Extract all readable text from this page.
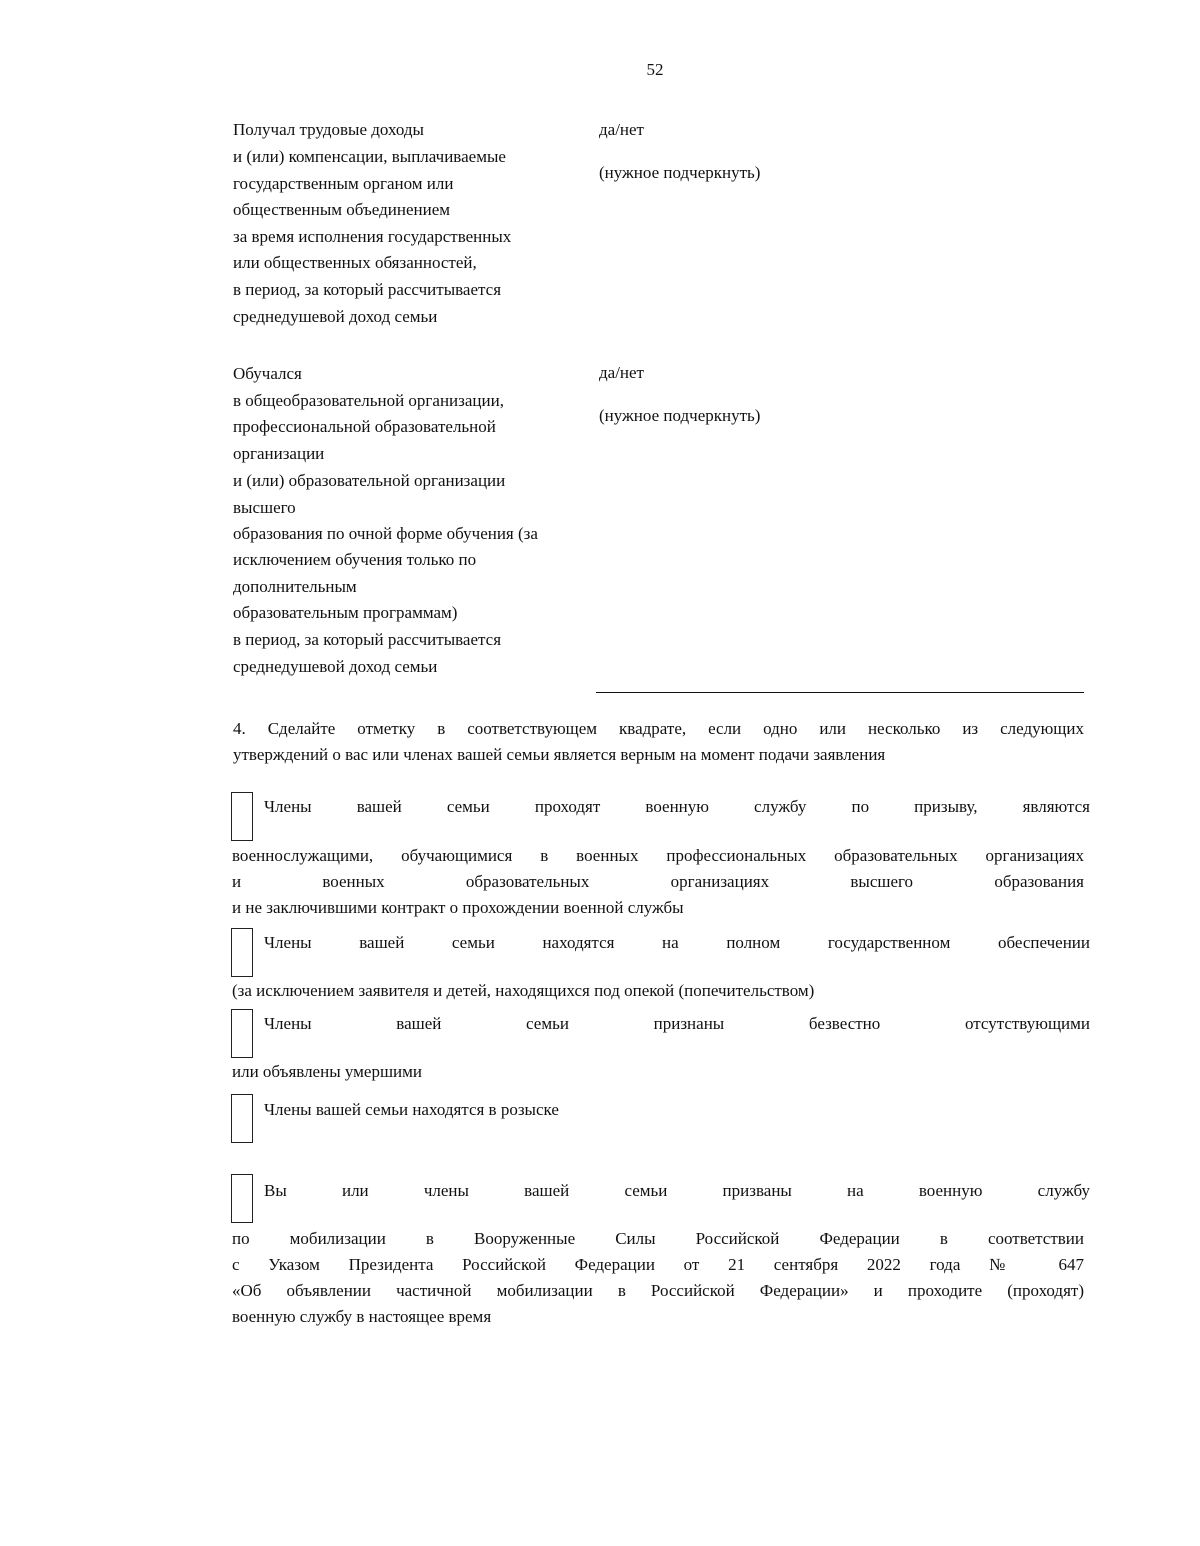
52
Получал трудовые доходы
и (или) компенсации, выплачиваемые
государственным органом или
общественным объединением
за время исполнения государственных
или общественных обязанностей,
в период, за который рассчитывается
среднедушевой доход семьи
да/нет
(нужное подчеркнуть)
Обучался
в общеобразовательной организации,
профессиональной образовательной
организации
и (или) образовательной организации
высшего
образования по очной форме обучения (за
исключением обучения только по
дополнительным
образовательным программам)
в период, за который рассчитывается
среднедушевой доход семьи
да/нет
(нужное подчеркнуть)
4. Сделайте отметку в соответствующем квадрате, если одно или несколько из следующих
утверждений о вас или членах вашей семьи является верным на момент подачи заявления
Члены вашей семьи проходят военную службу по призыву, являются
военнослужащими, обучающимися в военных профессиональных образовательных организациях
и военных образовательных организациях высшего образования
и не заключившими контракт о прохождении военной службы
Члены вашей семьи находятся на полном государственном обеспечении
(за исключением заявителя и детей, находящихся под опекой (попечительством)
Члены вашей семьи признаны безвестно отсутствующими
или объявлены умершими
Члены вашей семьи находятся в розыске
Вы или члены вашей семьи призваны на военную службу
по мобилизации в Вооруженные Силы Российской Федерации в соответствии
с Указом Президента Российской Федерации от 21 сентября 2022 года № 647
«Об объявлении частичной мобилизации в Российской Федерации» и проходите (проходят)
военную службу в настоящее время
